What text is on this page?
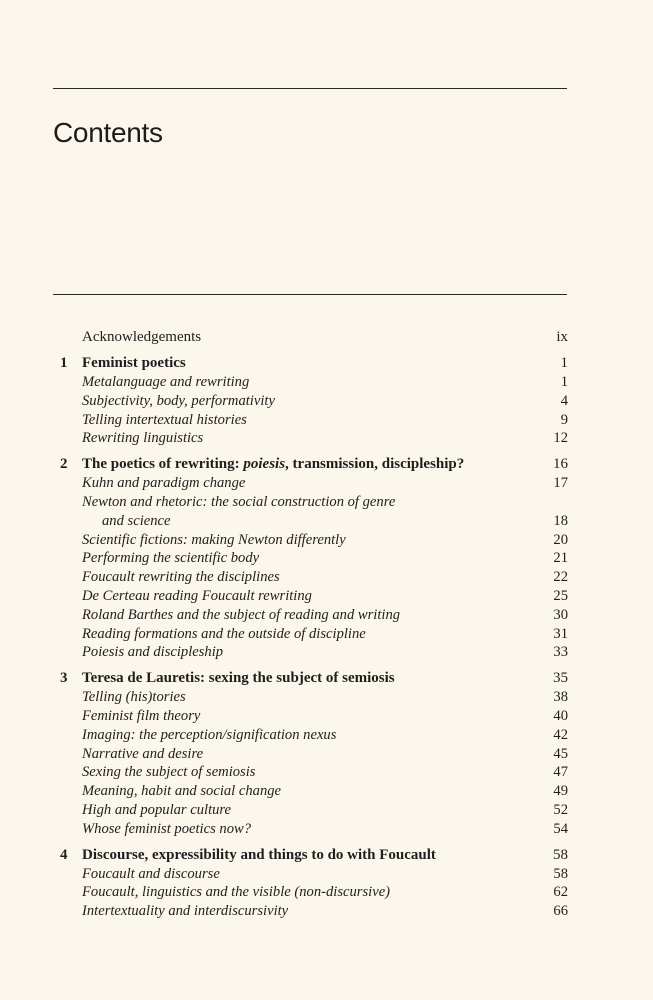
Contents
Acknowledgements	ix
1 Feminist poetics	1
Metalanguage and rewriting	1
Subjectivity, body, performativity	4
Telling intertextual histories	9
Rewriting linguistics	12
2 The poetics of rewriting: poiesis, transmission, discipleship?	16
Kuhn and paradigm change	17
Newton and rhetoric: the social construction of genre
and science	18
Scientific fictions: making Newton differently	20
Performing the scientific body	21
Foucault rewriting the disciplines	22
De Certeau reading Foucault rewriting	25
Roland Barthes and the subject of reading and writing	30
Reading formations and the outside of discipline	31
Poiesis and discipleship	33
3 Teresa de Lauretis: sexing the subject of semiosis	35
Telling (his)tories	38
Feminist film theory	40
Imaging: the perception/signification nexus	42
Narrative and desire	45
Sexing the subject of semiosis	47
Meaning, habit and social change	49
High and popular culture	52
Whose feminist poetics now?	54
4 Discourse, expressibility and things to do with Foucault	58
Foucault and discourse	58
Foucault, linguistics and the visible (non-discursive)	62
Intertextuality and interdiscursivity	66
